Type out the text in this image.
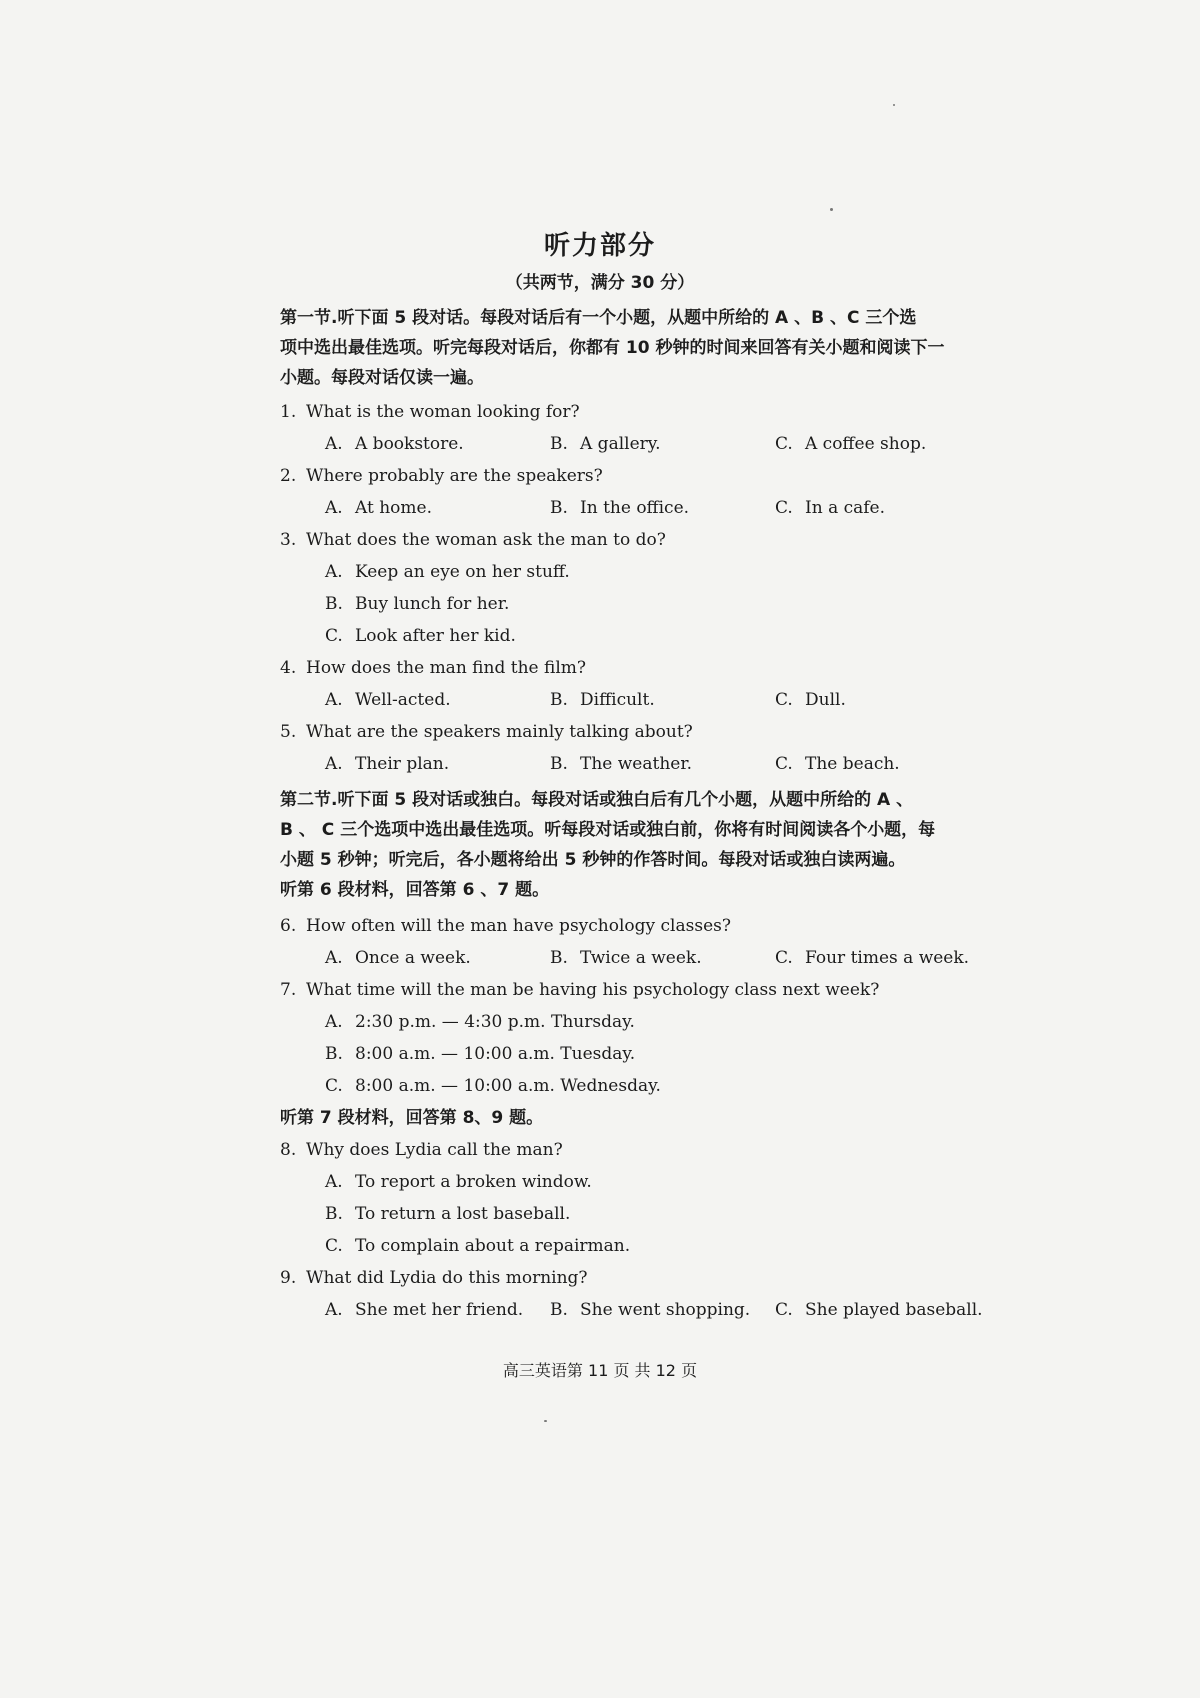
听力部分
（共两节，满分 30 分）

第一节.听下面 5 段对话。每段对话后有一个小题，从题中所给的 A 、B 、C 三个选

项中选出最佳选项。听完每段对话后，你都有 10 秒钟的时间来回答有关小题和阅读下一

小题。每段对话仅读一遍。

1. What is the woman looking for?

A. A bookstore.	B. A gallery.	C. A coffee shop.

2. Where probably are the speakers?

A. At home.	B. In the office.	C. In a cafe.

3. What does the woman ask the man to do?

A. Keep an eye on her stuff.
B. Buy lunch for her.
C. Look after her kid.

4. How does the man find the film?

A. Well-acted.	B. Difficult.	C. Dull.

5. What are the speakers mainly talking about?

A. Their plan.	B. The weather.	C. The beach.

第二节.听下面 5 段对话或独白。每段对话或独白后有几个小题，从题中所给的 A 、

B 、 C 三个选项中选出最佳选项。听每段对话或独白前，你将有时间阅读各个小题，每

小题 5 秒钟；听完后，各小题将给出 5 秒钟的作答时间。每段对话或独白读两遍。

听第 6 段材料，回答第 6 、7 题。

6. How often will the man have psychology classes?

A. Once a week.	B. Twice a week.	C. Four times a week.

7. What time will the man be having his psychology class next week?

A. 2:30 p.m. — 4:30 p.m. Thursday.
B. 8:00 a.m. — 10:00 a.m. Tuesday.
C. 8:00 a.m. — 10:00 a.m. Wednesday.

听第 7 段材料，回答第 8、9 题。

8. Why does Lydia call the man?

A. To report a broken window.
B. To return a lost baseball.
C. To complain about a repairman.

9. What did Lydia do this morning?

A. She met her friend.	B. She went shopping.	C. She played baseball.
高三英语第 11 页 共 12 页
